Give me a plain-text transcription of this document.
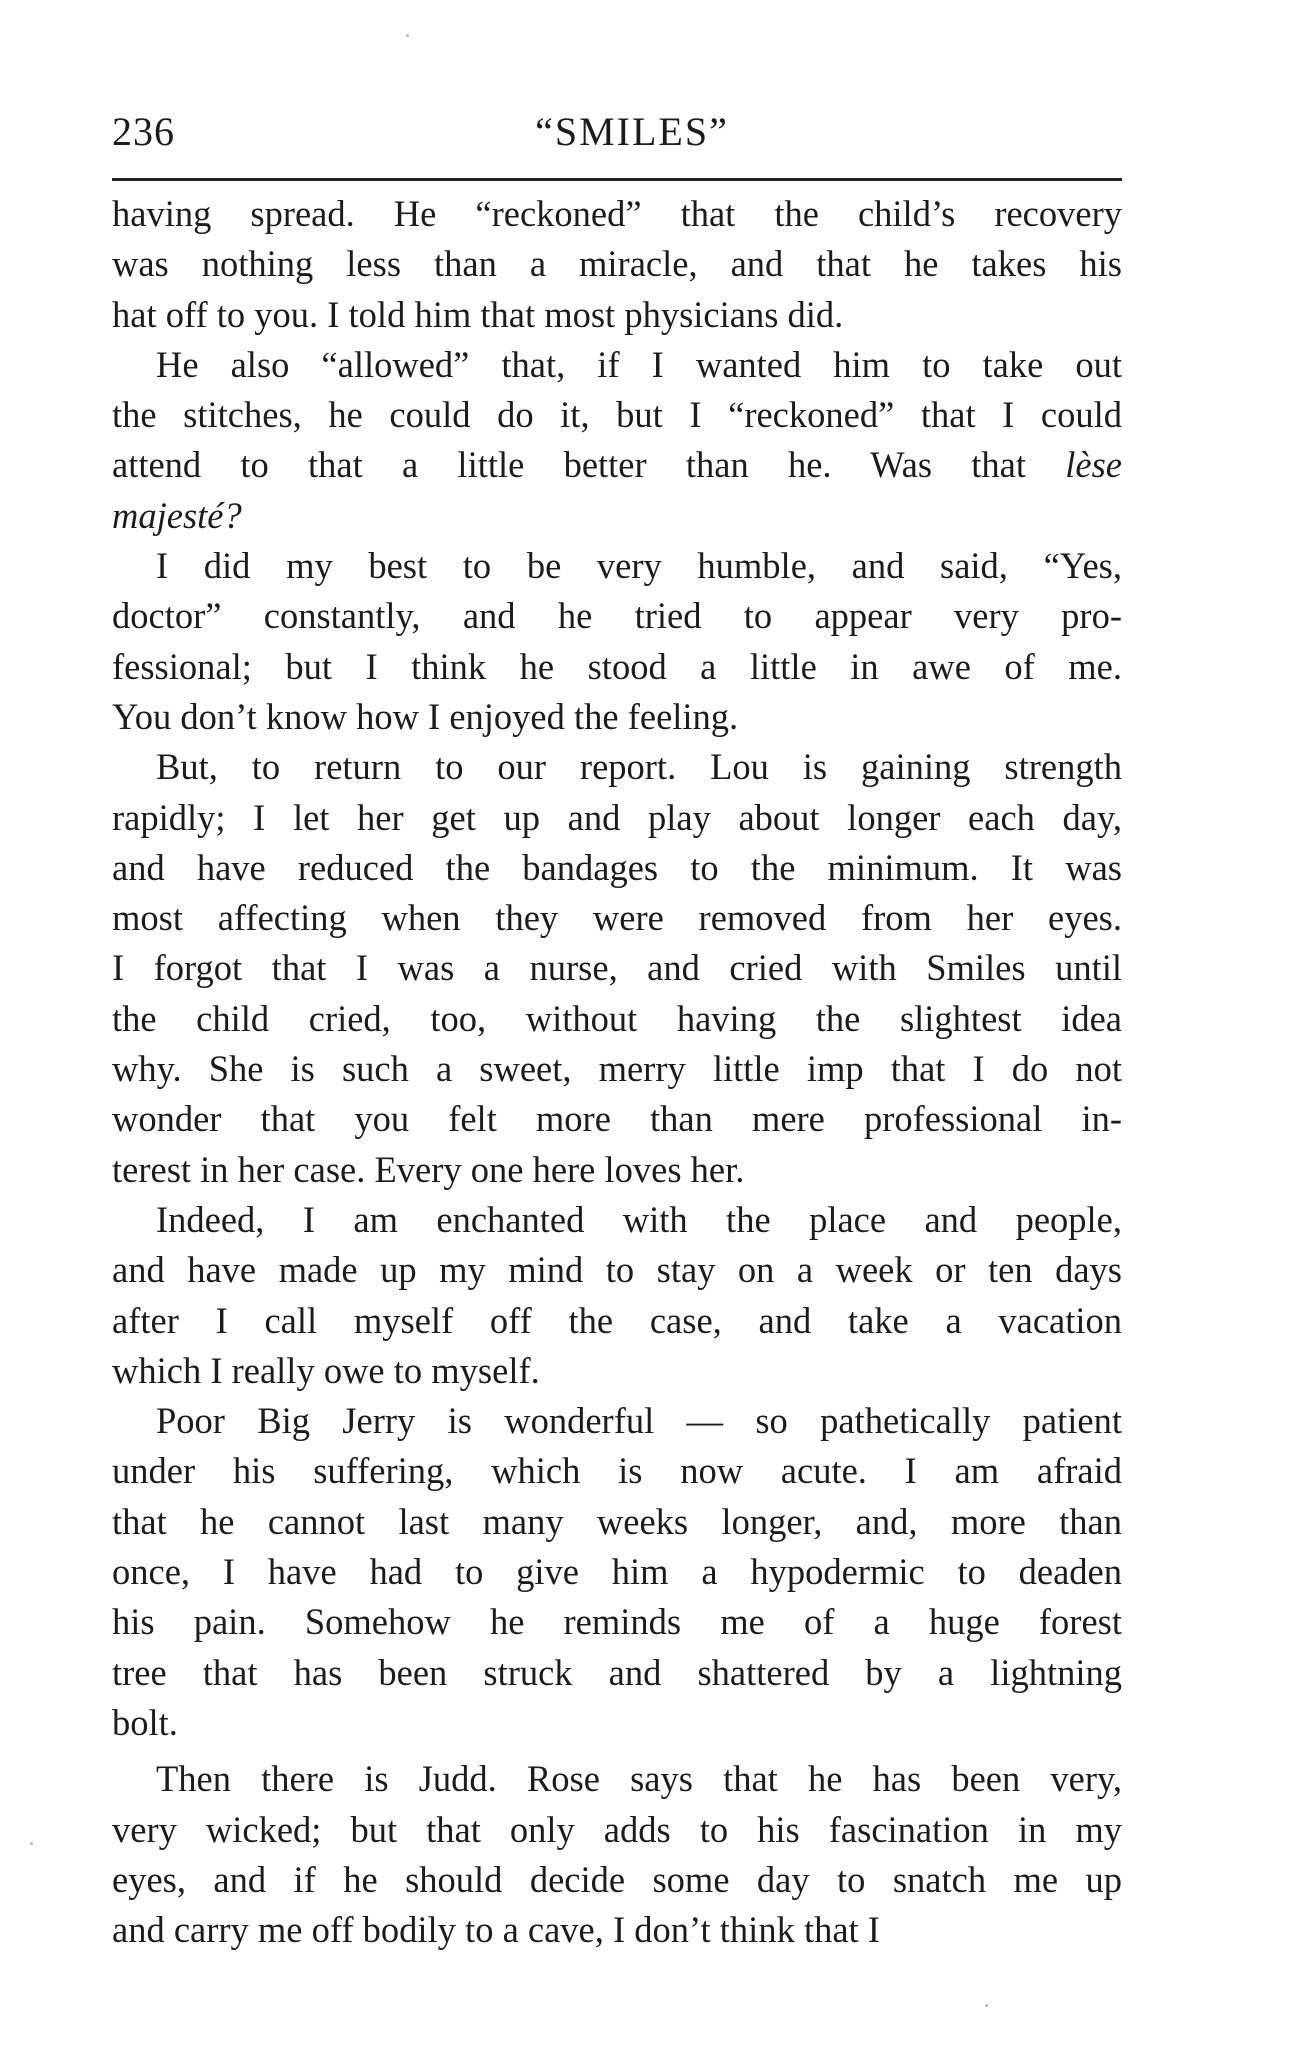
236	“SMILES”
having spread. He “reckoned” that the child’s recovery
was nothing less than a miracle, and that he takes his
hat off to you. I told him that most physicians did.
He also “allowed” that, if I wanted him to take out
the stitches, he could do it, but I “reckoned” that I could
attend to that a little better than he. Was that lèse
majesté?
I did my best to be very humble, and said, “Yes,
doctor” constantly, and he tried to appear very pro-
fessional; but I think he stood a little in awe of me.
You don’t know how I enjoyed the feeling.
But, to return to our report. Lou is gaining strength
rapidly; I let her get up and play about longer each day,
and have reduced the bandages to the minimum. It was
most affecting when they were removed from her eyes.
I forgot that I was a nurse, and cried with Smiles until
the child cried, too, without having the slightest idea
why. She is such a sweet, merry little imp that I do not
wonder that you felt more than mere professional in-
terest in her case. Every one here loves her.
Indeed, I am enchanted with the place and people,
and have made up my mind to stay on a week or ten days
after I call myself off the case, and take a vacation
which I really owe to myself.
Poor Big Jerry is wonderful — so pathetically patient
under his suffering, which is now acute. I am afraid
that he cannot last many weeks longer, and, more than
once, I have had to give him a hypodermic to deaden
his pain. Somehow he reminds me of a huge forest
tree that has been struck and shattered by a lightning
bolt.
Then there is Judd. Rose says that he has been very,
very wicked; but that only adds to his fascination in my
eyes, and if he should decide some day to snatch me up
and carry me off bodily to a cave, I don’t think that I
